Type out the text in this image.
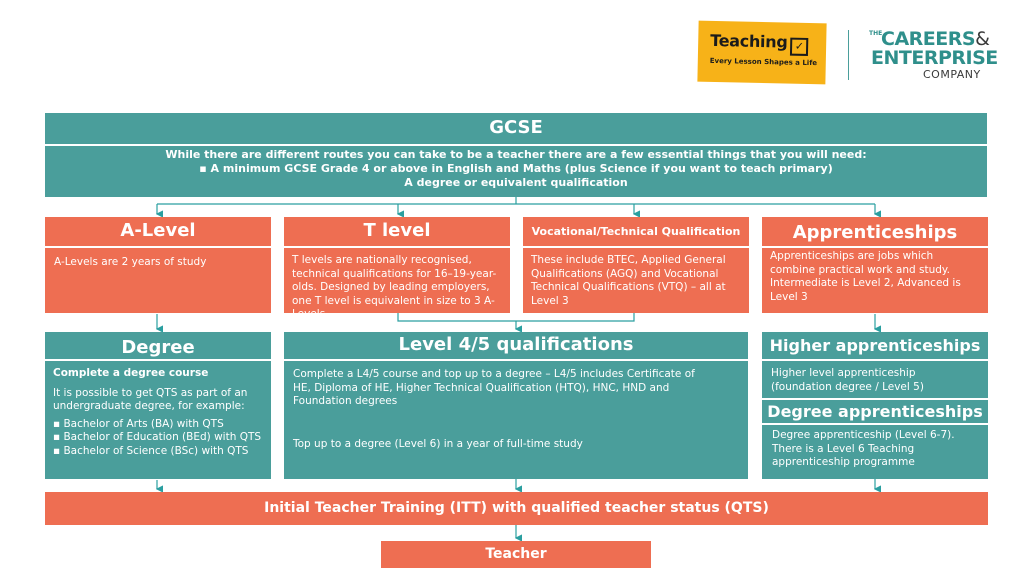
Teaching ✓
Every Lesson Shapes a Life
THE
CAREERS&
ENTERPRISE
COMPANY
GCSE
While there are different routes you can take to be a teacher there are a few essential things that you will need:
▪ A minimum GCSE Grade 4 or above in English and Maths (plus Science if you want to teach primary)
A degree or equivalent qualification
A-Level
A-Levels are 2 years of study
T level
T levels are nationally recognised, technical qualifications for 16–19-year-olds. Designed by leading employers, one T level is equivalent in size to 3 A-Levels
Vocational/Technical Qualification
These include BTEC, Applied General Qualifications (AGQ) and Vocational Technical Qualifications (VTQ) – all at Level 3
Apprenticeships
Apprenticeships are jobs which combine practical work and study. Intermediate is Level 2, Advanced is Level 3
Degree
Complete a degree course
It is possible to get QTS as part of an undergraduate degree, for example:
▪ Bachelor of Arts (BA) with QTS
▪ Bachelor of Education (BEd) with QTS
▪ Bachelor of Science (BSc) with QTS
Level 4/5 qualifications
Complete a L4/5 course and top up to a degree – L4/5 includes Certificate of HE, Diploma of HE, Higher Technical Qualification (HTQ), HNC, HND and Foundation degrees
Top up to a degree (Level 6) in a year of full-time study
Higher apprenticeships
Higher level apprenticeship (foundation degree / Level 5)
Degree apprenticeships
Degree apprenticeship (Level 6-7). There is a Level 6 Teaching apprenticeship programme
Initial Teacher Training (ITT) with qualified teacher status (QTS)
Teacher
